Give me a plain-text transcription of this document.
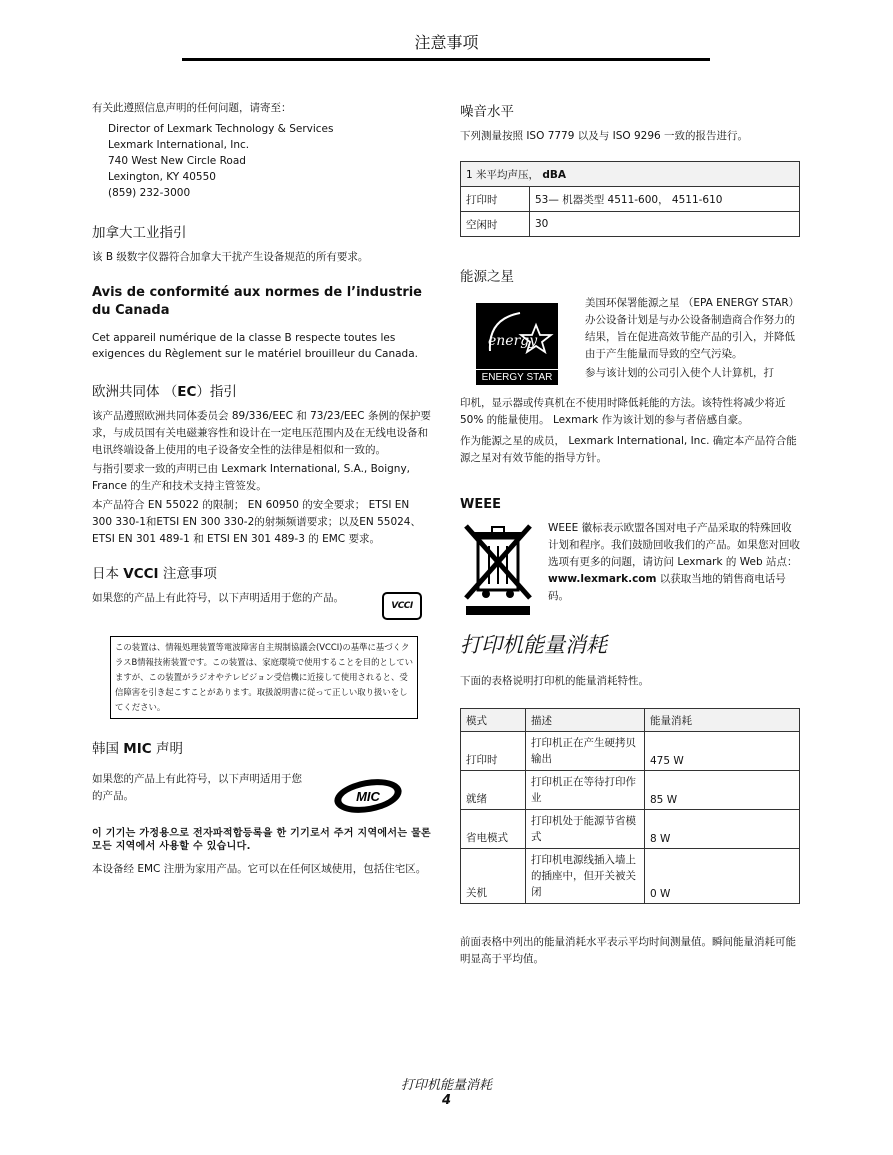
注意事项

有关此遵照信息声明的任何问题，请寄至：

Director of Lexmark Technology & Services
Lexmark International, Inc.
740 West New Circle Road
Lexington, KY 40550
(859) 232-3000

加拿大工业指引

该 B 级数字仪器符合加拿大干扰产生设备规范的所有要求。

Avis de conformité aux normes de l’industrie du Canada

Cet appareil numérique de la classe B respecte toutes les exigences du Règlement sur le matériel brouilleur du Canada.

欧洲共同体 （EC）指引

该产品遵照欧洲共同体委员会 89/336/EEC 和 73/23/EEC 条例的保护要求，与成员国有关电磁兼容性和设计在一定电压范围内及在无线电设备和电讯终端设备上使用的电子设备安全性的法律是相似和一致的。

与指引要求一致的声明已由 Lexmark International, S.A., Boigny, France 的生产和技术支持主管签发。

本产品符合 EN 55022 的限制； EN 60950 的安全要求； ETSI EN 300 330-1和ETSI EN 300 330-2的射频频谱要求；以及EN 55024、ETSI EN 301 489-1 和 ETSI EN 301 489-3 的 EMC 要求。

日本 VCCI 注意事项

如果您的产品上有此符号，以下声明适用于您的产品。

VCCI
この装置は、情報処理装置等電波障害自主規制協議会(VCCI)の基準に基づくクラスB情報技術装置です。この装置は、家庭環境で使用することを目的としていますが、この装置がラジオやテレビジョン受信機に近接して使用されると、受信障害を引き起こすことがあります。取扱説明書に従って正しい取り扱いをしてください。

韩国 MIC 声明

如果您的产品上有此符号，以下声明适用于您的产品。	MIC

이 기기는 가정용으로 전자파적합등록을 한 기기로서 주거 지역에서는 물론 모든 지역에서 사용할 수 있습니다.

本设备经 EMC 注册为家用产品。它可以在任何区域使用，包括住宅区。

噪音水平

下列测量按照 ISO 7779 以及与 ISO 9296 一致的报告进行。

1 米平均声压， dBA	
打印时	53— 机器类型 4511-600， 4511-610
空闲时	30

能源之星

energy
ENERGY STAR

美国环保署能源之星 （EPA ENERGY STAR）办公设备计划是与办公设备制造商合作努力的结果，旨在促进高效节能产品的引入，并降低由于产生能量而导致的空气污染。

参与该计划的公司引入使个人计算机，打

印机，显示器或传真机在不使用时降低耗能的方法。该特性将减少将近 50% 的能量使用。 Lexmark 作为该计划的参与者倍感自豪。

作为能源之星的成员， Lexmark International, Inc. 确定本产品符合能源之星对有效节能的指导方针。

WEEE

WEEE 徽标表示欧盟各国对电子产品采取的特殊回收计划和程序。我们鼓励回收我们的产品。如果您对回收选项有更多的问题，请访问 Lexmark 的 Web 站点：www.lexmark.com 以获取当地的销售商电话号码。

打印机能量消耗

下面的表格说明打印机的能量消耗特性。

模式	描述	能量消耗
打印时	打印机正在产生硬拷贝输出	475 W
就绪	打印机正在等待打印作业	85 W
省电模式	打印机处于能源节省模式	8 W
关机	打印机电源线插入墙上的插座中，但开关被关闭	0 W

前面表格中列出的能量消耗水平表示平均时间测量值。瞬间能量消耗可能明显高于平均值。

打印机能量消耗
4
